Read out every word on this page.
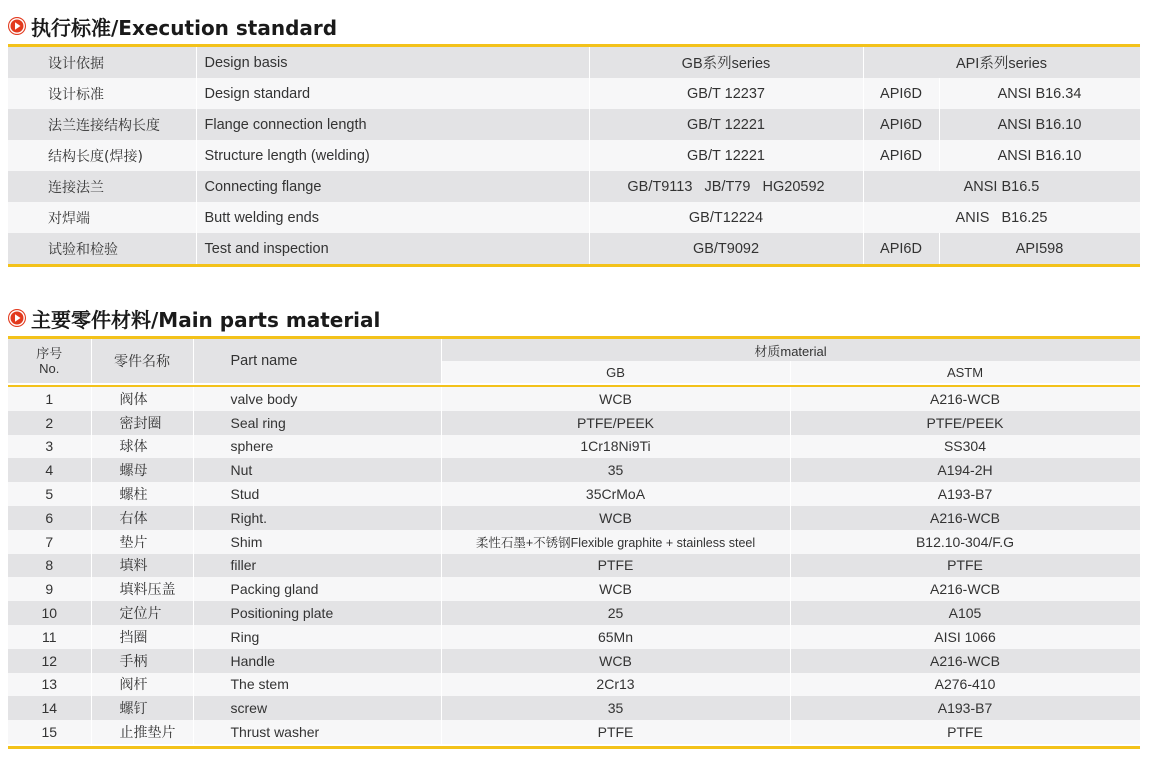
执行标准/Execution standard
设计依据	Design basis	GB系列series	API系列series	
设计标准	Design standard	GB/T 12237	API6D	ANSI B16.34
法兰连接结构长度	Flange connection length	GB/T 12221	API6D	ANSI B16.10
结构长度(焊接)	Structure length (welding)	GB/T 12221	API6D	ANSI B16.10
连接法兰	Connecting flange	GB/T9113   JB/T79   HG20592	ANSI B16.5	
对焊端	Butt welding ends	GB/T12224	ANIS   B16.25	
试验和检验	Test and inspection	GB/T9092	API6D	API598
主要零件材料/Main parts material
序号
No.	零件名称	Part name	材质material	
			GB	ASTM
1	阀体	valve body	WCB	A216-WCB
2	密封圈	Seal ring	PTFE/PEEK	PTFE/PEEK
3	球体	sphere	1Cr18Ni9Ti	SS304
4	螺母	Nut	35	A194-2H
5	螺柱	Stud	35CrMoA	A193-B7
6	右体	Right.	WCB	A216-WCB
7	垫片	Shim	柔性石墨+不锈钢Flexible graphite + stainless steel	B12.10-304/F.G
8	填料	filler	PTFE	PTFE
9	填料压盖	Packing gland	WCB	A216-WCB
10	定位片	Positioning plate	25	A105
11	挡圈	Ring	65Mn	AISI 1066
12	手柄	Handle	WCB	A216-WCB
13	阀杆	The stem	2Cr13	A276-410
14	螺钉	screw	35	A193-B7
15	止推垫片	Thrust washer	PTFE	PTFE
